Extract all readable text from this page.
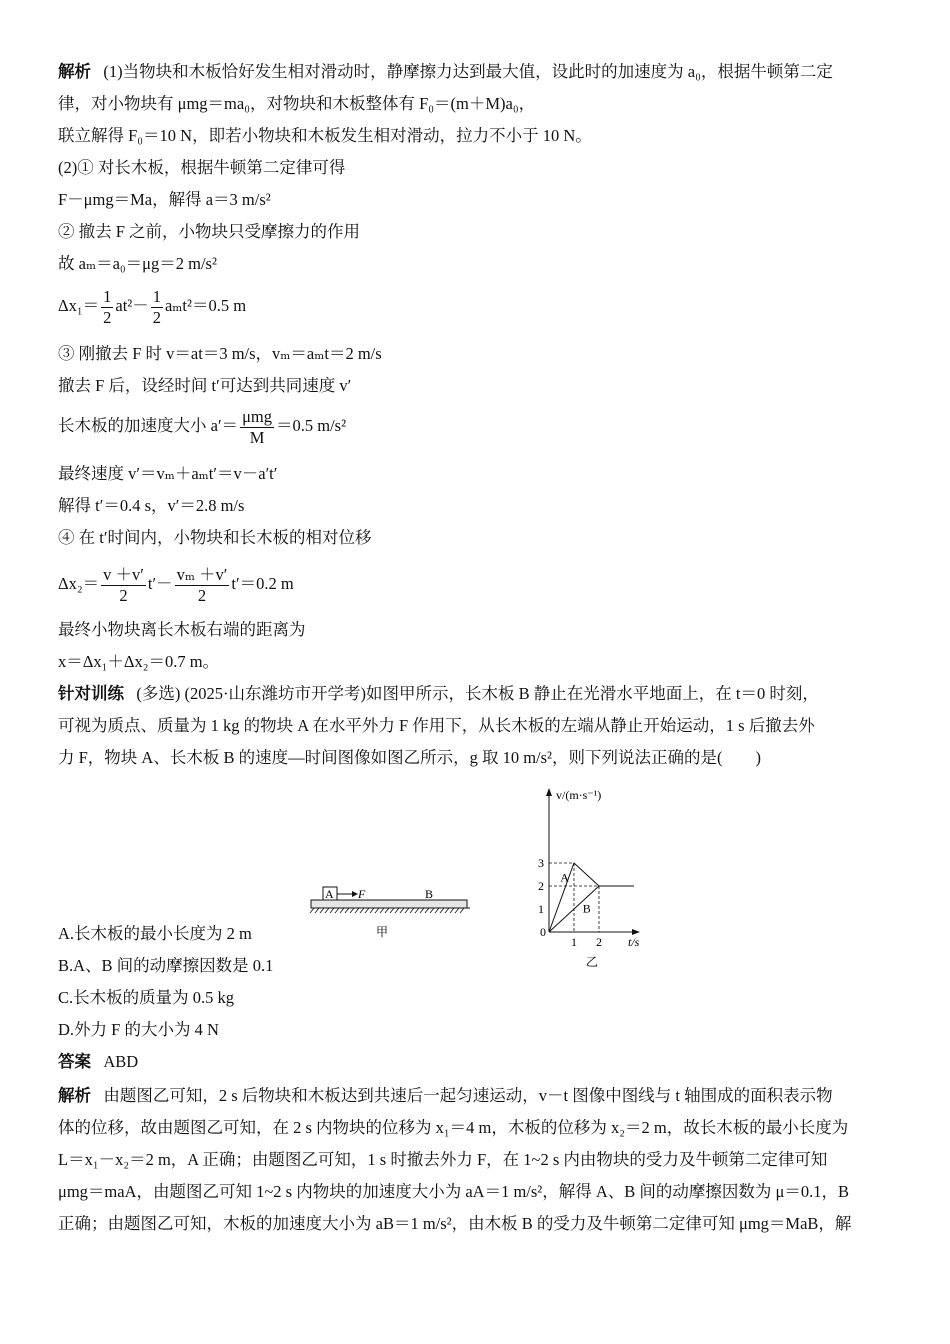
解析 (1)当物块和木板恰好发生相对滑动时，静摩擦力达到最大值，设此时的加速度为 a₀，根据牛顿第二定
律，对小物块有 μmg＝ma₀，对物块和木板整体有 F₀＝(m＋M)a₀，
联立解得 F₀＝10 N，即若小物块和木板发生相对滑动，拉力不小于 10 N。
(2)① 对长木板，根据牛顿第二定律可得
F－μmg＝Ma，解得 a＝3 m/s²
② 撤去 F 之前，小物块只受摩擦力的作用
故 aₘ＝a₀＝μg＝2 m/s²
$\Delta x_1= \frac{1}{2} at^2- \frac{1}{2} a_mt^2=0.5$ m
③ 刚撤去 F 时 v＝at＝3 m/s，vₘ＝aₘt＝2 m/s
撤去 F 后，设经时间 t′可达到共同速度 v′
长木板的加速度大小 $a'= \frac{\text{μmg}}{M} =0.5$ m/s²
最终速度 v′＝vₘ＋aₘt′＝v－a′t′
解得 t′＝0.4 s，v′＝2.8 m/s
④ 在 t′时间内，小物块和长木板的相对位移
$\Delta x_2= \frac{v +v'}{2} t'- \frac{\text{vₘ ＋v′}}{2} t'=0.2$ m
最终小物块离长木板右端的距离为
x＝Δx₁＋Δx₂＝0.7 m。
针对训练 (多选) (2025·山东潍坊市开学考)如图甲所示，长木板 B 静止在光滑水平地面上，在 t＝0 时刻，
可视为质点、质量为 1 kg 的物块 A 在水平外力 F 作用下，从长木板的左端从静止开始运动，1 s 后撤去外
力 F，物块 A、长木板 B 的速度—时间图像如图乙所示，g 取 10 m/s²，则下列说法正确的是(　　)
A F	B
甲
v/(m·s⁻¹)
t/s
0
1 2
1
2
3
A
B
乙
A.长木板的最小长度为 2 m
B.A、B 间的动摩擦因数是 0.1
C.长木板的质量为 0.5 kg
D.外力 F 的大小为 4 N
答案 ABD
解析 由题图乙可知，2 s 后物块和木板达到共速后一起匀速运动，v－t 图像中图线与 t 轴围成的面积表示物
体的位移，故由题图乙可知，在 2 s 内物块的位移为 x₁＝4 m，木板的位移为 x₂＝2 m，故长木板的最小长度为
L＝x₁－x₂＝2 m，A 正确；由题图乙可知，1 s 时撤去外力 F，在 1~2 s 内由物块的受力及牛顿第二定律可知
μmg＝maA，由题图乙可知 1~2 s 内物块的加速度大小为 aA＝1 m/s²，解得 A、B 间的动摩擦因数为 μ＝0.1，B
正确；由题图乙可知，木板的加速度大小为 aB＝1 m/s²，由木板 B 的受力及牛顿第二定律可知 μmg＝MaB，解
